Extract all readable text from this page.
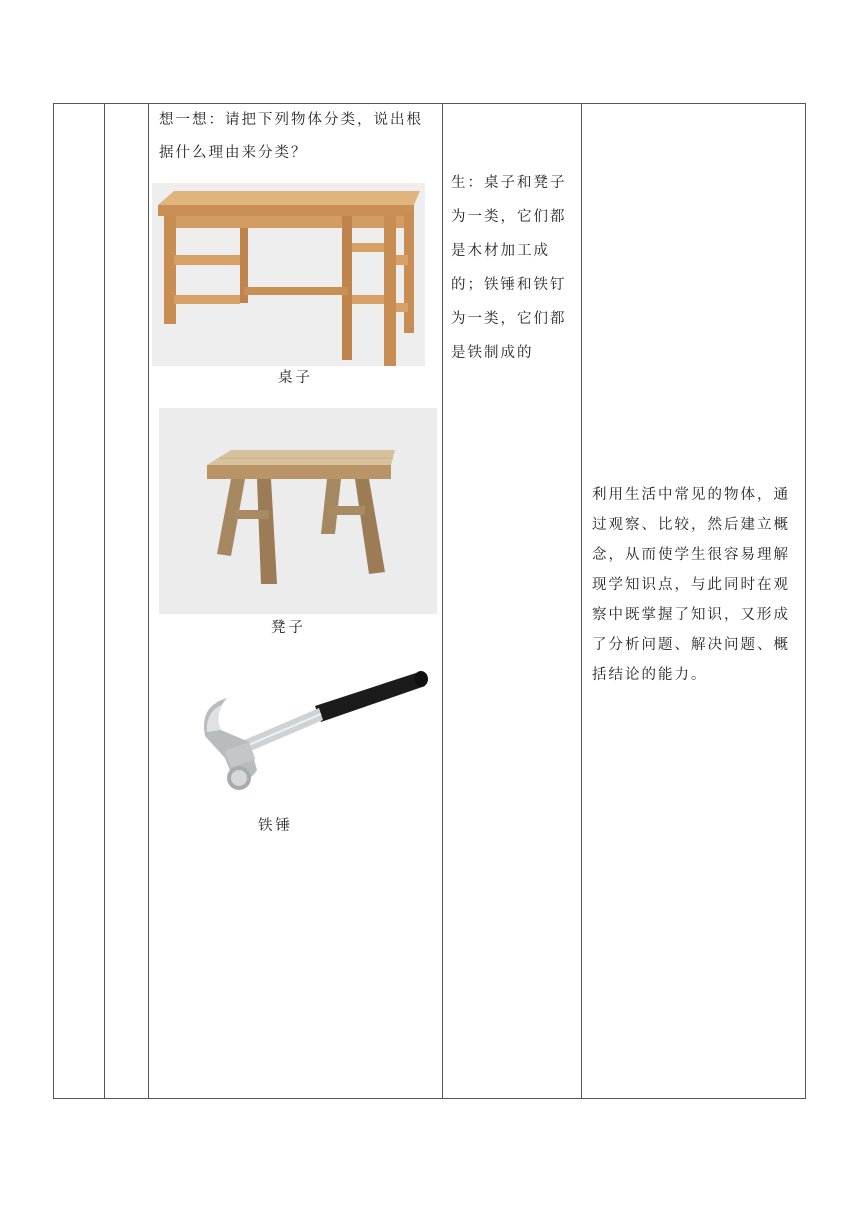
想一想：请把下列物体分类，说出根据什么理由来分类？
桌子
凳子
铁锤

生：桌子和凳子为一类，它们都是木材加工成的；铁锤和铁钉为一类，它们都是铁制成的

利用生活中常见的物体，通过观察、比较，然后建立概念，从而使学生很容易理解现学知识点，与此同时在观察中既掌握了知识，又形成了分析问题、解决问题、概括结论的能力。
